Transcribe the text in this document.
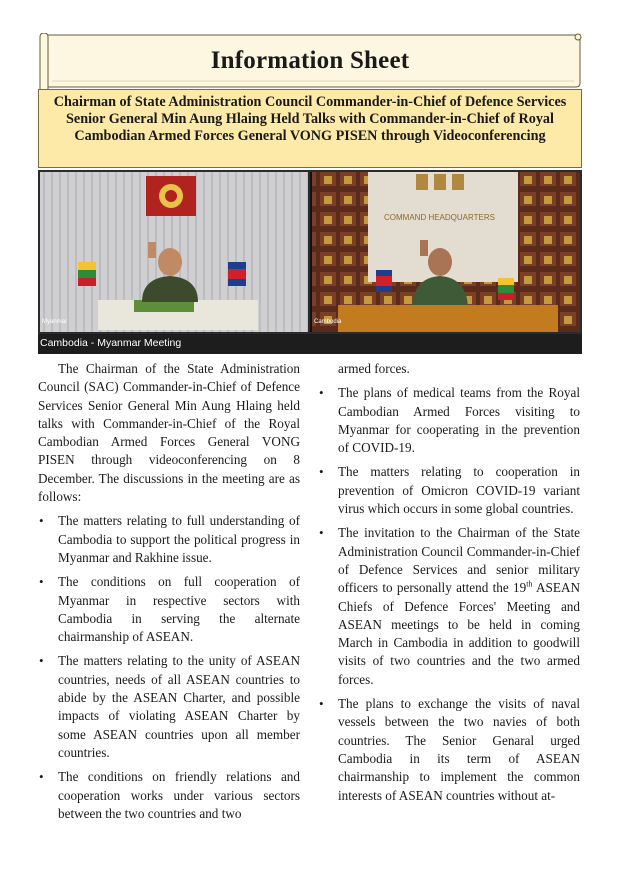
Information Sheet
Chairman of State Administration Council Commander-in-Chief of Defence Services Senior General Min Aung Hlaing Held Talks with Commander-in-Chief of Royal Cambodian Armed Forces General VONG PISEN through Videoconferencing
COMMAND HEADQUARTERS
Myanmar	Cambodia
Cambodia - Myanmar Meeting

The Chairman of the State Administration Council (SAC) Commander-in-Chief of Defence Services Senior General Min Aung Hlaing held talks with Commander-in-Chief of the Royal Cambodian Armed Forces General VONG PISEN through videoconferencing on 8 December. The discussions in the meeting are as follows:

• The matters relating to full understanding of Cambodia to support the political progress in Myanmar and Rakhine issue.
• The conditions on full cooperation of Myanmar in respective sectors with Cambodia in serving the alternate chairmanship of ASEAN.
• The matters relating to the unity of ASEAN countries, needs of all ASEAN countries to abide by the ASEAN Charter, and possible impacts of violating ASEAN Charter by some ASEAN countries upon all member countries.
• The conditions on friendly relations and cooperation works under various sectors between the two countries and two
armed forces.
• The plans of medical teams from the Royal Cambodian Armed Forces visiting to Myanmar for cooperating in the prevention of COVID-19.
• The matters relating to cooperation in prevention of Omicron COVID-19 variant virus which occurs in some global countries.
• The invitation to the Chairman of the State Administration Council Commander-in-Chief of Defence Services and senior military officers to personally attend the 19th ASEAN Chiefs of Defence Forces' Meeting and ASEAN meetings to be held in coming March in Cambodia in addition to goodwill visits of two countries and the two armed forces.
• The plans to exchange the visits of naval vessels between the two navies of both countries. The Senior Genaral urged Cambodia in its term of ASEAN chairmanship to implement the common interests of ASEAN countries without at-
